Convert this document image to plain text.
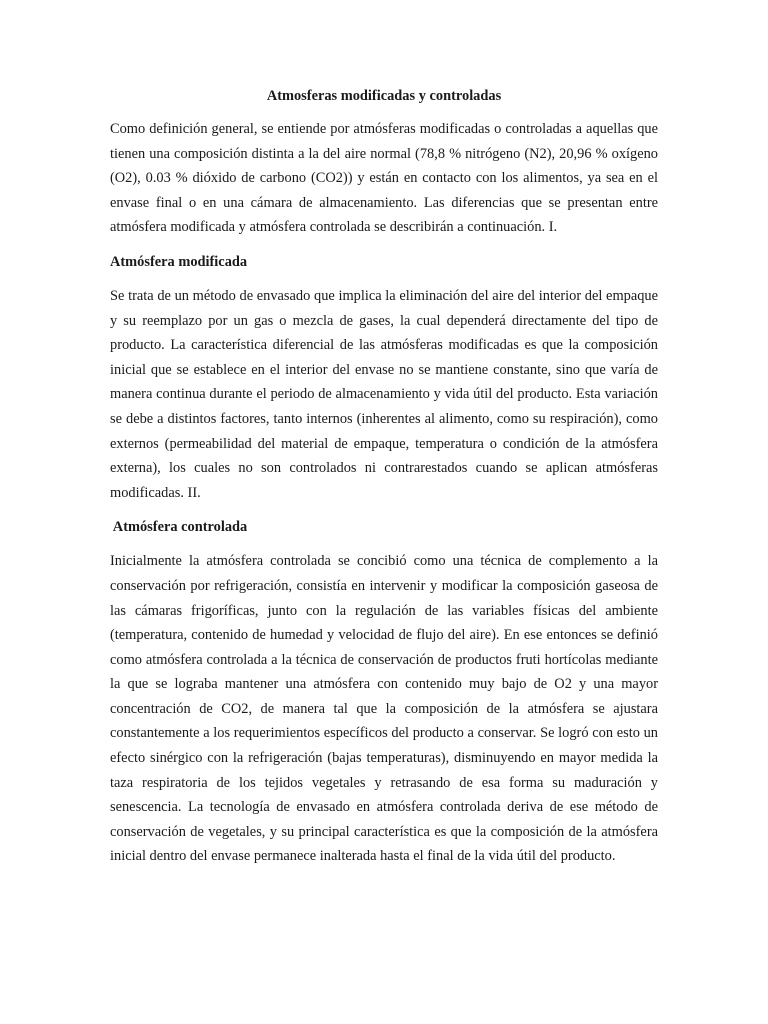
Atmosferas modificadas y controladas

Como definición general, se entiende por atmósferas modificadas o controladas a aquellas que tienen una composición distinta a la del aire normal (78,8 % nitrógeno (N2), 20,96 % oxígeno (O2), 0.03 % dióxido de carbono (CO2)) y están en contacto con los alimentos, ya sea en el envase final o en una cámara de almacenamiento. Las diferencias que se presentan entre atmósfera modificada y atmósfera controlada se describirán a continuación. I.

Atmósfera modificada

Se trata de un método de envasado que implica la eliminación del aire del interior del empaque y su reemplazo por un gas o mezcla de gases, la cual dependerá directamente del tipo de producto. La característica diferencial de las atmósferas modificadas es que la composición inicial que se establece en el interior del envase no se mantiene constante, sino que varía de manera continua durante el periodo de almacenamiento y vida útil del producto. Esta variación se debe a distintos factores, tanto internos (inherentes al alimento, como su respiración), como externos (permeabilidad del material de empaque, temperatura o condición de la atmósfera externa), los cuales no son controlados ni contrarestados cuando se aplican atmósferas modificadas. II.

Atmósfera controlada

Inicialmente la atmósfera controlada se concibió como una técnica de complemento a la conservación por refrigeración, consistía en intervenir y modificar la composición gaseosa de las cámaras frigoríficas, junto con la regulación de las variables físicas del ambiente (temperatura, contenido de humedad y velocidad de flujo del aire). En ese entonces se definió como atmósfera controlada a la técnica de conservación de productos fruti hortícolas mediante la que se lograba mantener una atmósfera con contenido muy bajo de O2 y una mayor concentración de CO2, de manera tal que la composición de la atmósfera se ajustara constantemente a los requerimientos específicos del producto a conservar. Se logró con esto un efecto sinérgico con la refrigeración (bajas temperaturas), disminuyendo en mayor medida la taza respiratoria de los tejidos vegetales y retrasando de esa forma su maduración y senescencia. La tecnología de envasado en atmósfera controlada deriva de ese método de conservación de vegetales, y su principal característica es que la composición de la atmósfera inicial dentro del envase permanece inalterada hasta el final de la vida útil del producto.
